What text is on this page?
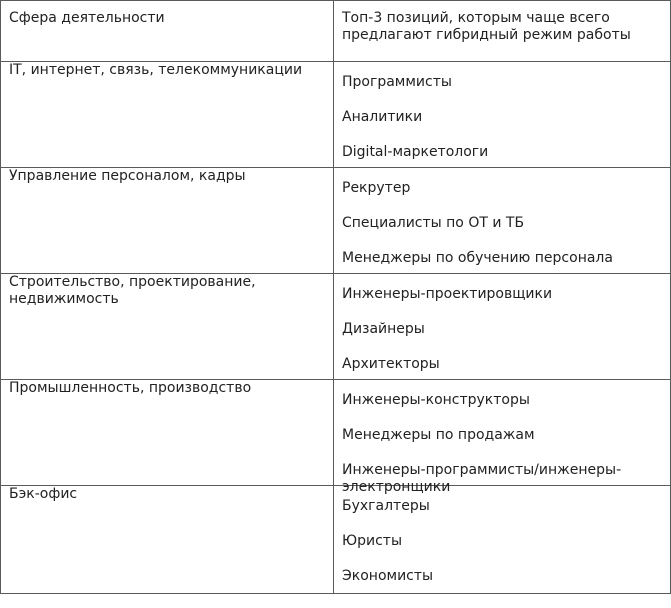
Сфера деятельности	Топ-3 позиций, которым чаще всего предлагают гибридный режим работы
IT, интернет, связь, телекоммуникации	Программисты
Аналитики
Digital-маркетологи

Управление персоналом, кадры	Рекрутер
Специалисты по ОТ и ТБ
Менеджеры по обучению персонала

Строительство, проектирование, недвижимость	Инженеры-проектировщики
Дизайнеры
Архитекторы

Промышленность, производство	Инженеры-конструкторы
Менеджеры по продажам
Инженеры-программисты/инженеры-электронщики

Бэк-офис	Бухгалтеры
Юристы
Экономисты
